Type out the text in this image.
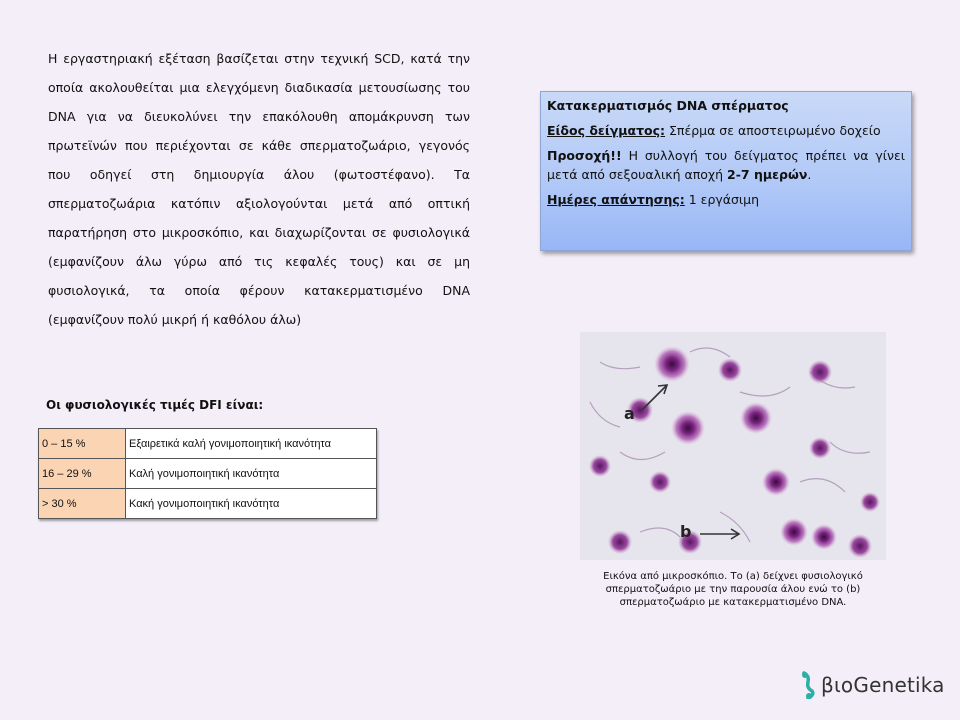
Η εργαστηριακή εξέταση βασίζεται στην τεχνική SCD, κατά την οποία ακολουθείται μια ελεγχόμενη διαδικασία μετουσίωσης του DNA για να διευκολύνει την επακόλουθη απομάκρυνση των πρωτεϊνών που περιέχονται σε κάθε σπερματοζωάριο, γεγονός που οδηγεί στη δημιουργία άλου (φωτοστέφανο). Τα σπερματοζωάρια κατόπιν αξιολογούνται μετά από οπτική παρατήρηση στο μικροσκόπιο, και διαχωρίζονται σε φυσιολογικά (εμφανίζουν άλω γύρω από τις κεφαλές τους) και σε μη φυσιολογικά, τα οποία φέρουν κατακερματισμένο DNA (εμφανίζουν πολύ μικρή ή καθόλου άλω)

Κατακερματισμός DNA σπέρματος

Είδος δείγματος: Σπέρμα σε αποστειρωμένο δοχείο

Προσοχή!! Η συλλογή του δείγματος πρέπει να γίνει μετά από σεξουαλική αποχή 2-7 ημερών.

Ημέρες απάντησης: 1 εργάσιμη

Οι φυσιολογικές τιμές DFI είναι:

0 – 15 %	Εξαιρετικά καλή γονιμοποιητική ικανότητα
16 – 29 %	Καλή γονιμοποιητική ικανότητα
> 30 %	Κακή γονιμοποιητική ικανότητα
a
b

Εικόνα από μικροσκόπιο. Το (a) δείχνει φυσιολογικό σπερματοζωάριο με την παρουσία άλου ενώ το (b) σπερματοζωάριο με κατακερματισμένο DNA.

βιοGenetika
